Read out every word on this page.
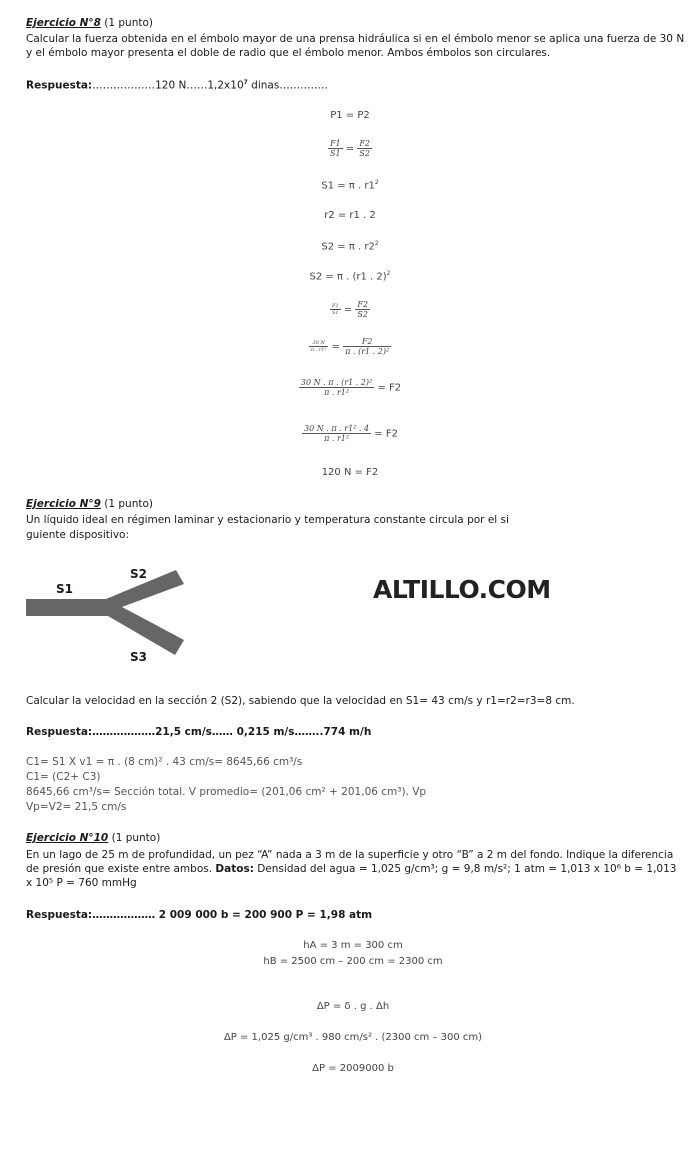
Ejercicio N°8 (1 punto)
Calcular la fuerza obtenida en el émbolo mayor de una prensa hidráulica si en el émbolo menor se aplica una fuerza de 30 N y el émbolo mayor presenta el doble de radio que el émbolo menor. Ambos émbolos son circulares.
Respuesta:………………120 $N\dots\dots 1,2x10^7$ dinas……..……
P1 = P2
$\frac{F1}{S1} = \frac{F2}{S2}$
S1 = π . $r1^2$
r2 = r1 . 2
S2 = π . $r2^2$
S2 = π . (r1 . 2)$^2$
$\frac{F1}{S1} = \frac{F2}{S2}$
$\frac{30 N}{\text{π . r1²}} = \frac{F2}{\text{π . (r1 . 2)²}}$
$\frac{\text{30 N . π . (r1 . 2)²}}{\text{π . r1²}} = F2$
$\frac{\text{30 N . π . r1² . 4}}{\text{π . r1²}} = F2$
120 N = F2
Ejercicio N°9 (1 punto)
Un líquido ideal en régimen laminar y estacionario y temperatura constante circula por el si
guiente dispositivo:
S1
S2
S3
ALTILLO.COM
Calcular la velocidad en la sección 2 (S2), sabiendo que la velocidad en S1= 43 cm/s y r1=r2=r3=8 cm.
Respuesta:………………21,5 cm/s…… 0,215 m/s……..774 m/h
C1= S1 X v1 = π . (8 cm)² . 43 cm/s= 8645,66 cm³/s
C1= (C2+ C3)
8645,66 cm³/s= Sección total. V promedio= (201,06 cm² + 201,06 cm³). Vp
Vp=V2= 21,5 cm/s
Ejercicio N°10 (1 punto)
En un lago de 25 m de profundidad, un pez “A” nada a 3 m de la superficie y otro “B” a 2 m del fondo. Indique la diferencia de presión que existe entre ambos. Datos: Densidad del agua = 1,025 g/cm³; g = 9,8 m/s²; 1 atm = 1,013 x 10⁶ b = 1,013 x 10⁵ P = 760 mmHg
Respuesta:……………… 2 009 000 b = 200 900 P = 1,98 atm
hA = 3 m = 300 cm
hB = 2500 cm – 200 cm = 2300 cm
ΔP = δ . g . Δh
ΔP = 1,025 g/cm³ . 980 cm/s² . (2300 cm – 300 cm)
ΔP = 2009000 b
